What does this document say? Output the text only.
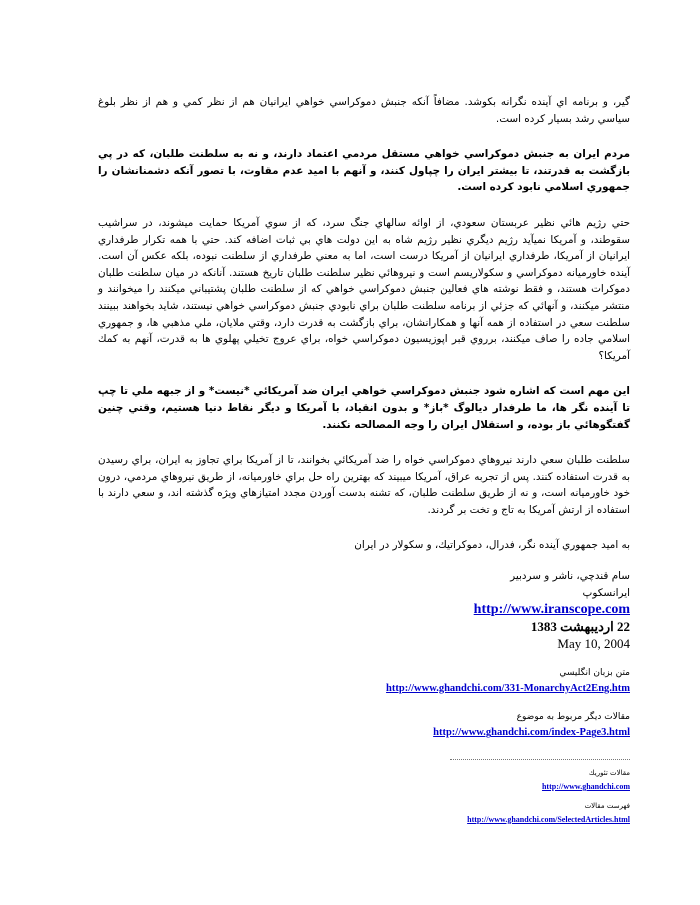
گير، و برنامه اي آينده نگرانه بكوشد. مضافاً آنكه جنبش دموكراسي خواهي ايرانيان هم از نظر كمي و هم از نظر بلوغ سياسي رشد بسيار كرده است.

مردم ايران به جنبش دموكراسي خواهي مستقل مردمي اعتماد دارند، و نه به سلطنت طلبان، كه در پي بازگشت به قدرتند، تا بيشتر ايران را چپاول كنند، و آنهم با اميد عدم مقاوت، با تصور آنكه دشمنانشان را جمهوري اسلامي نابود كرده است.

حتي رژيم هائي نظير عربستان سعودي، از اوائه سالهاي جنگ سرد، كه از سوي آمريكا حمايت ميشوند، در سراشيب سقوطند، و آمريكا نميآيد رژيم ديگري نظير رژيم شاه به اين دولت هاي بي ثبات اضافه كند. حتي با همه تكرار طرفداري ايرانيان از آمريكا، طرفداري ايرانيان از آمريكا درست است، اما به معني طرفداري از سلطنت نبوده، بلكه عكس آن است. آينده خاورميانه دموكراسي و سكولاريسم است و نيروهائي نظير سلطنت طلبان تاريخ هستند. آنانكه در ميان سلطنت طلبان دموكرات هستند، و فقط نوشته هاي فعالين جنبش دموكراسي خواهي كه از سلطنت طلبان پشتيباني ميكنند را ميخوانند و منتشر ميكنند، و آنهائي كه جزئي از برنامه سلطنت طلبان براي نابودي جنبش دموكراسي خواهي نيستند، شايد بخواهند ببينند سلطنت سعي در استفاده از همه آنها و همكارانشان، براي بازگشت به قدرت دارد، وقتي ملايان، ملي مذهبي ها، و جمهوري اسلامي جاده را صاف ميكنند، برروي قبر اپوزيسيون دموكراسي خواه، براي عروج تخيلي پهلوي ها به قدرت، آنهم به كمك آمريكا؟

اين مهم است كه اشاره شود جنبش دموكراسي خواهي ايران ضد آمريكائي *نيست* و از جبهه ملي تا چپ تا آينده نگر ها، ما طرفدار ديالوگ *باز* و بدون انقياد، با آمريكا و ديگر نقاط دنيا هستيم، وقتي چنين گفتگوهائي باز بوده، و استقلال ايران را وجه المصالحه نكنند.

سلطنت طلبان سعي دارند نيروهاي دموكراسي خواه را ضد آمريكائي بخوانند، تا از آمريكا براي تجاوز به ايران، براي رسيدن به قدرت استفاده كنند. پس از تجربه عراق، آمريكا ميبيند كه بهترين راه حل براي خاورميانه، از طريق نيروهاي مردمي، درون خود خاورميانه است، و نه از طريق سلطنت طلبان، كه تشنه بدست آوردن مجدد امتيازهاي ويژه گذشته اند، و سعي دارند با استفاده از ارتش آمريكا به تاج و تخت بر گردند.

به اميد جمهوري آينده نگر، فدرال، دموكراتيك، و سكولار در ايران

سام قندچي، ناشر و سردبير

ايرانسكوپ

http://www.iranscope.com

22 ارديبهشت 1383

May 10, 2004

متن بزبان انگليسي

http://www.ghandchi.com/331-MonarchyAct2Eng.htm

مقالات ديگر مربوط به موضوع

http://www.ghandchi.com/index-Page3.html

مقالات تئوريك

http://www.ghandchi.com

فهرست مقالات

http://www.ghandchi.com/SelectedArticles.html
